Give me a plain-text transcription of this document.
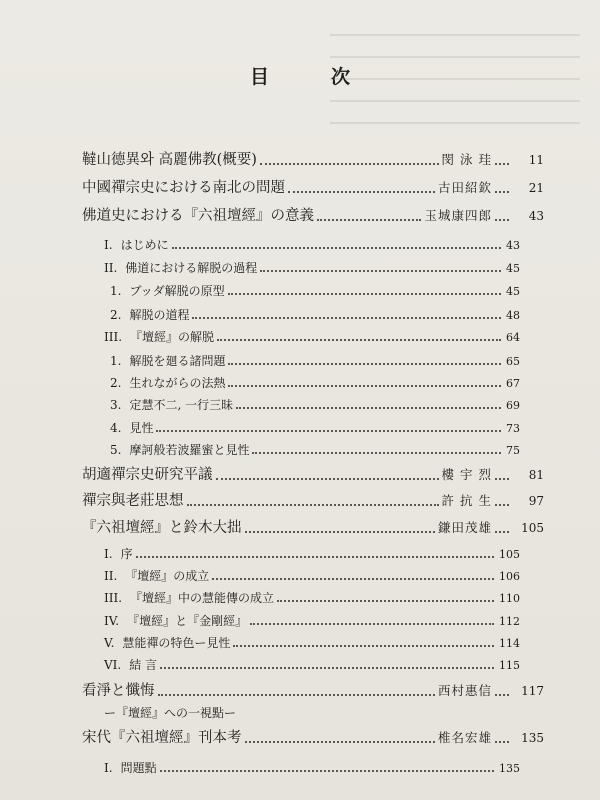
目次
韃山德異와 高麗佛教(概要)	閔 泳 珪	11
中國禪宗史における南北の問題	古田紹欽	21
佛道史における『六祖壇經』の意義	玉城康四郎	43
I. はじめに	43
II. 佛道における解脱の過程	45
1. ブッダ解脱の原型	45
2. 解脱の道程	48
III. 『壇經』の解脱	64
1. 解脱を廻る諸問題	65
2. 生れながらの法熱	67
3. 定慧不二, 一行三昧	69
4. 見性	73
5. 摩訶般若波羅蜜と見性	75
胡適禪宗史研究平議	樓 宇 烈	81
禪宗與老莊思想	許 抗 生	97
『六祖壇經』と鈴木大拙	鎌田茂雄	105
I. 序	105
II. 『壇經』の成立	106
III. 『壇經』中の慧能傳の成立	110
IV. 『壇經』と『金剛經』	112
V. 慧能禪の特色ー見性	114
VI. 結 言	115
看淨と懺悔	西村惠信	117
ー『壇經』への一視點ー
宋代『六祖壇經』刊本考	椎名宏雄	135
I. 問題點	135
